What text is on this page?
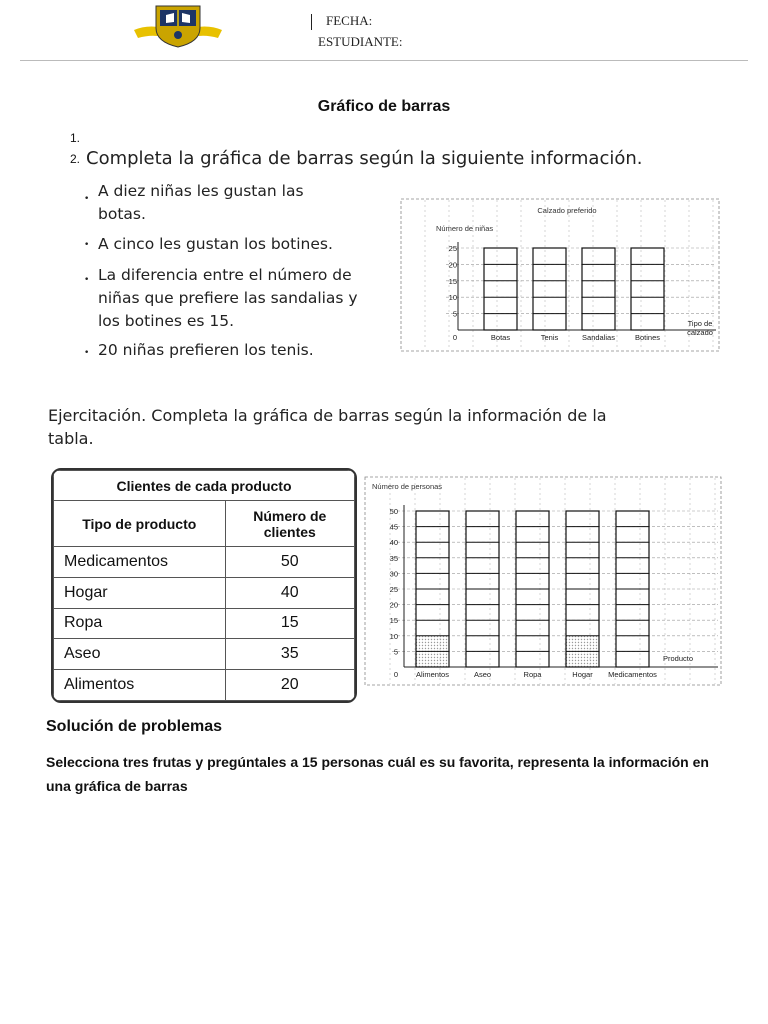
FECHA:
ESTUDIANTE:
Gráfico de barras
1.
2. Completa la gráfica de barras según la siguiente información.
• A diez niñas les gustan las botas.
• A cinco les gustan los botines.
• La diferencia entre el número de niñas que prefiere las sandalias y los botines es 15.
• 20 niñas prefieren los tenis.
Calzado preferido
Número de niñas
0
5
10
15
20
25
Botas	Tenis	Sandalias	Botines
Tipo de
calzado
Ejercitación. Completa la gráfica de barras según la información de la tabla.
Clientes de cada producto	
Tipo de producto	Número de clientes
Medicamentos	50
Hogar	40
Ropa	15
Aseo	35
Alimentos	20
Número de personas
0
5
10
15
20
25
30
35
40
45
50
Alimentos	Aseo	Ropa	Hogar Medicamentos
Producto
Solución de problemas
Selecciona tres frutas y pregúntales a 15 personas cuál es su favorita, representa la información en una gráfica de barras
